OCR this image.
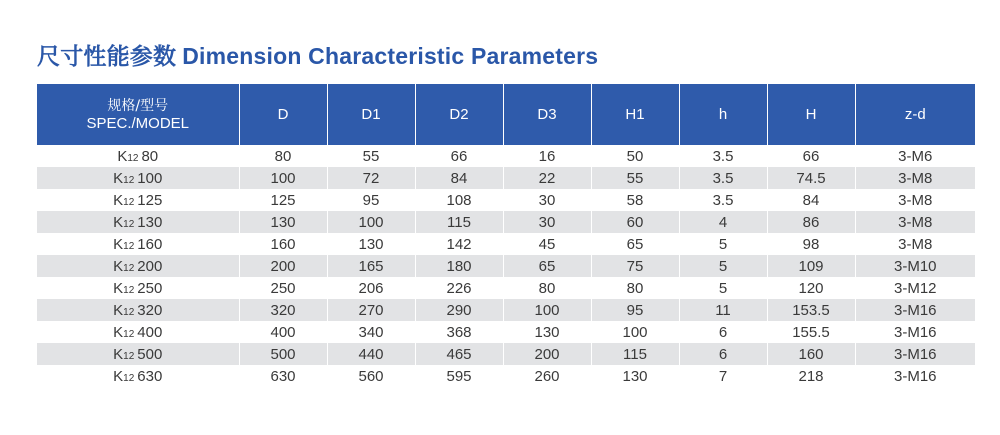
尺寸性能参数 Dimension Characteristic Parameters
规格/型号
SPEC./MODEL	D	D1	D2	D3	H1	h	H	z-d
K12 80	80	55	66	16	50	3.5	66	3-M6
K12 100	100	72	84	22	55	3.5	74.5	3-M8
K12 125	125	95	108	30	58	3.5	84	3-M8
K12 130	130	100	115	30	60	4	86	3-M8
K12 160	160	130	142	45	65	5	98	3-M8
K12 200	200	165	180	65	75	5	109	3-M10
K12 250	250	206	226	80	80	5	120	3-M12
K12 320	320	270	290	100	95	11	153.5	3-M16
K12 400	400	340	368	130	100	6	155.5	3-M16
K12 500	500	440	465	200	115	6	160	3-M16
K12 630	630	560	595	260	130	7	218	3-M16
